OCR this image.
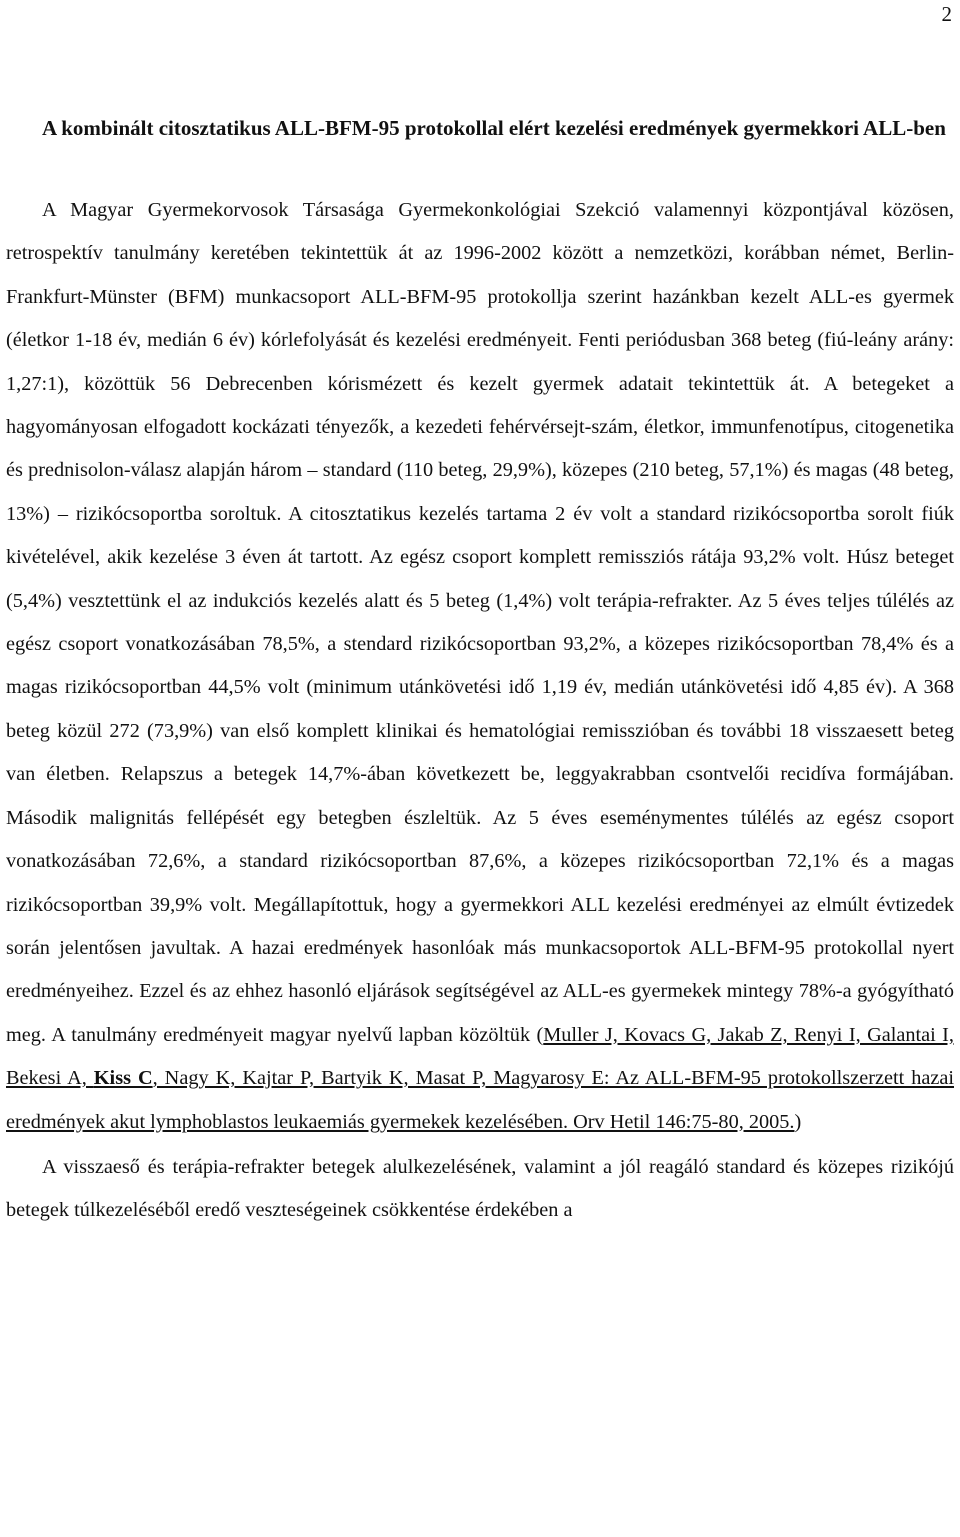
2

A kombinált citosztatikus ALL-BFM-95 protokollal elért kezelési eredmények gyermekkori ALL-ben

A Magyar Gyermekorvosok Társasága Gyermekonkológiai Szekció valamennyi központjával közösen, retrospektív tanulmány keretében tekintettük át az 1996-2002 között a nemzetközi, korábban német, Berlin-Frankfurt-Münster (BFM) munkacsoport ALL-BFM-95 protokollja szerint hazánkban kezelt ALL-es gyermek (életkor 1-18 év, medián 6 év) kórlefolyását és kezelési eredményeit. Fenti periódusban 368 beteg (fiú-leány arány: 1,27:1), közöttük 56 Debrecenben kórismézett és kezelt gyermek adatait tekintettük át. A betegeket a hagyományosan elfogadott kockázati tényezők, a kezedeti fehérvérsejt-szám, életkor, immunfenotípus, citogenetika és prednisolon-válasz alapján három – standard (110 beteg, 29,9%), közepes (210 beteg, 57,1%) és magas (48 beteg, 13%) – rizikócsoportba soroltuk. A citosztatikus kezelés tartama 2 év volt a standard rizikócsoportba sorolt fiúk kivételével, akik kezelése 3 éven át tartott. Az egész csoport komplett remissziós rátája 93,2% volt. Húsz beteget (5,4%) vesztettünk el az indukciós kezelés alatt és 5 beteg (1,4%) volt terápia-refrakter. Az 5 éves teljes túlélés az egész csoport vonatkozásában 78,5%, a stendard rizikócsoportban 93,2%, a közepes rizikócsoportban 78,4% és a magas rizikócsoportban 44,5% volt (minimum utánkövetési idő 1,19 év, medián utánkövetési idő 4,85 év). A 368 beteg közül 272 (73,9%) van első komplett klinikai és hematológiai remisszióban és további 18 visszaesett beteg van életben. Relapszus a betegek 14,7%-ában következett be, leggyakrabban csontvelői recidíva formájában. Második malignitás fellépését egy betegben észleltük. Az 5 éves eseménymentes túlélés az egész csoport vonatkozásában 72,6%, a standard rizikócsoportban 87,6%, a közepes rizikócsoportban 72,1% és a magas rizikócsoportban 39,9% volt. Megállapítottuk, hogy a gyermekkori ALL kezelési eredményei az elmúlt évtizedek során jelentősen javultak. A hazai eredmények hasonlóak más munkacsoportok ALL-BFM-95 protokollal nyert eredményeihez. Ezzel és az ehhez hasonló eljárások segítségével az ALL-es gyermekek mintegy 78%-a gyógyítható meg. A tanulmány eredményeit magyar nyelvű lapban közöltük (Muller J, Kovacs G, Jakab Z, Renyi I, Galantai I, Bekesi A, Kiss C, Nagy K, Kajtar P, Bartyik K, Masat P, Magyarosy E: Az ALL-BFM-95 protokollszerzett hazai eredmények akut lymphoblastos leukaemiás gyermekek kezelésében. Orv Hetil 146:75-80, 2005.)

A visszaeső és terápia-refrakter betegek alulkezelésének, valamint a jól reagáló standard és közepes rizikójú betegek túlkezeléséből eredő veszteségeinek csökkentése érdekében a
